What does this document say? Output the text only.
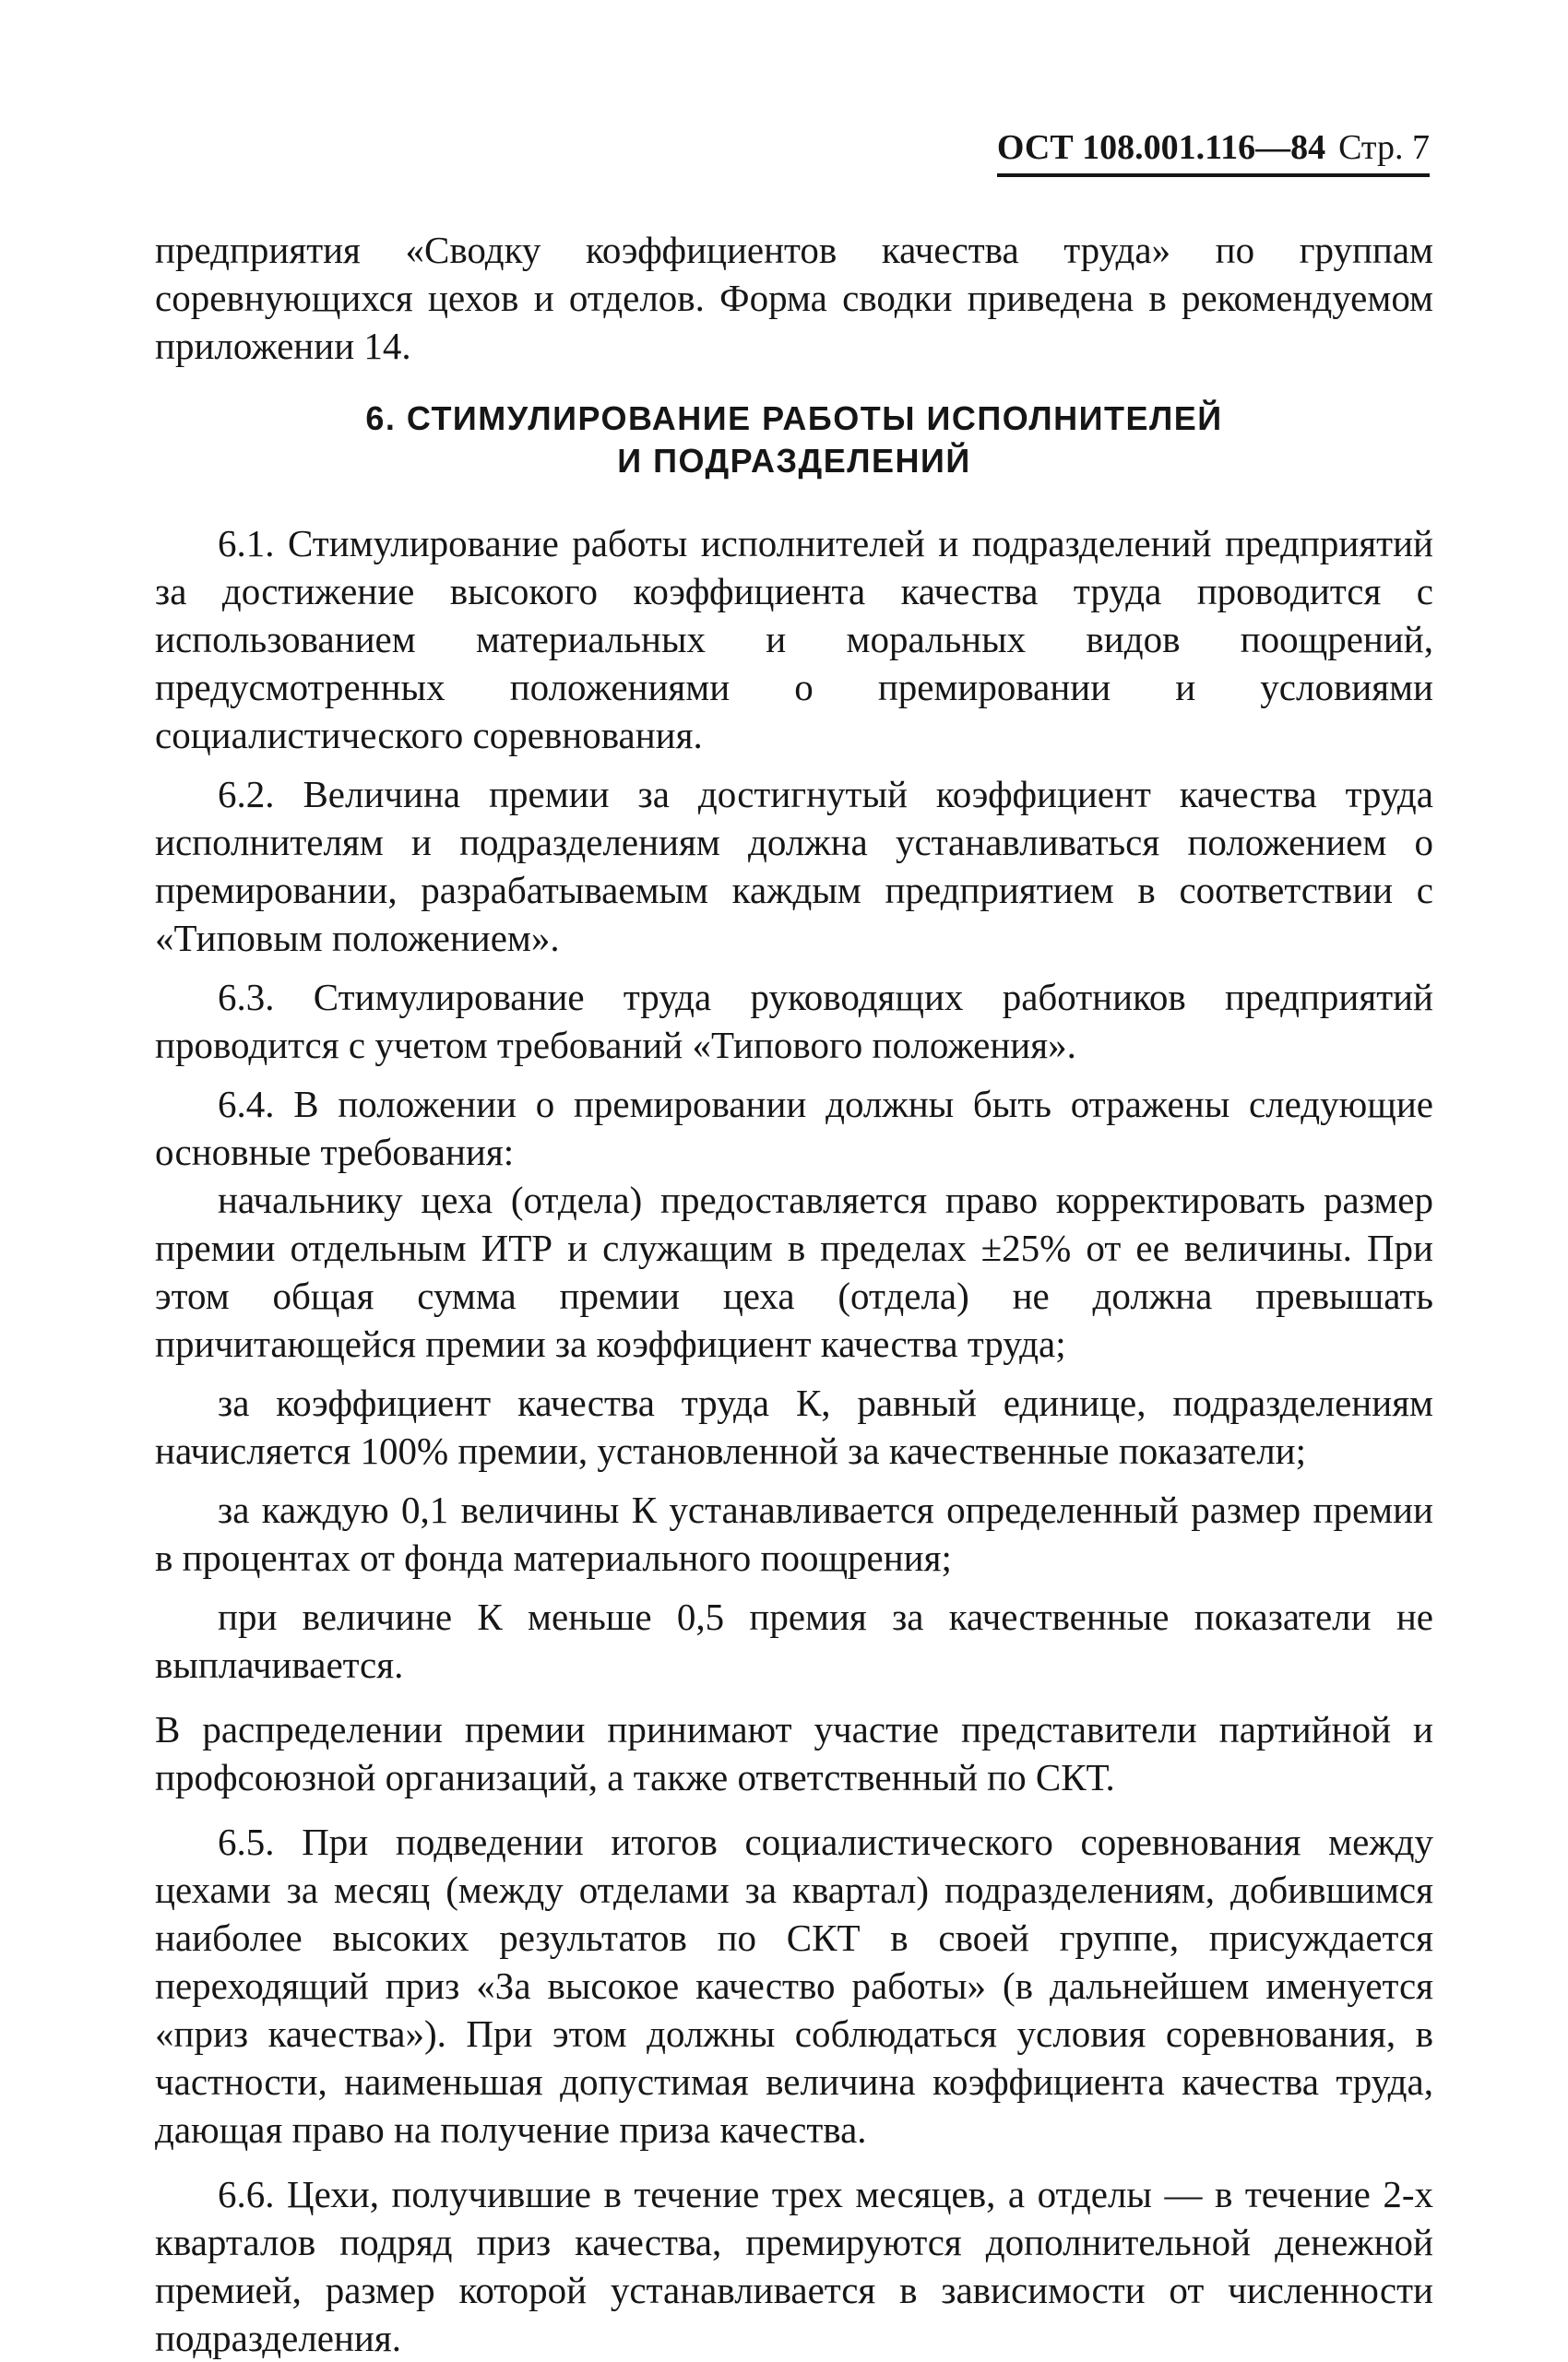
ОСТ 108.001.116—84 Стр. 7

предприятия «Сводку коэффициентов качества труда» по группам соревнующихся цехов и отделов. Форма сводки приведена в рекомендуемом приложении 14.

6. СТИМУЛИРОВАНИЕ РАБОТЫ ИСПОЛНИТЕЛЕЙ
И ПОДРАЗДЕЛЕНИЙ

6.1. Стимулирование работы исполнителей и подразделений предприятий за достижение высокого коэффициента качества труда проводится с использованием материальных и моральных видов поощрений, предусмотренных положениями о премировании и условиями социалистического соревнования.

6.2. Величина премии за достигнутый коэффициент качества труда исполнителям и подразделениям должна устанавливаться положением о премировании, разрабатываемым каждым предприятием в соответствии с «Типовым положением».

6.3. Стимулирование труда руководящих работников предприятий проводится с учетом требований «Типового положения».

6.4. В положении о премировании должны быть отражены следующие основные требования:

начальнику цеха (отдела) предоставляется право корректировать размер премии отдельным ИТР и служащим в пределах ±25% от ее величины. При этом общая сумма премии цеха (отдела) не должна превышать причитающейся премии за коэффициент качества труда;

за коэффициент качества труда К, равный единице, подразделениям начисляется 100% премии, установленной за качественные показатели;

за каждую 0,1 величины К устанавливается определенный размер премии в процентах от фонда материального поощрения;

при величине К меньше 0,5 премия за качественные показатели не выплачивается.

В распределении премии принимают участие представители партийной и профсоюзной организаций, а также ответственный по СКТ.

6.5. При подведении итогов социалистического соревнования между цехами за месяц (между отделами за квартал) подразделениям, добившимся наиболее высоких результатов по СКТ в своей группе, присуждается переходящий приз «За высокое качество работы» (в дальнейшем именуется «приз качества»). При этом должны соблюдаться условия соревнования, в частности, наименьшая допустимая величина коэффициента качества труда, дающая право на получение приза качества.

6.6. Цехи, получившие в течение трех месяцев, а отделы — в течение 2-х кварталов подряд приз качества, премируются дополнительной денежной премией, размер которой устанавливается в зависимости от численности подразделения.
